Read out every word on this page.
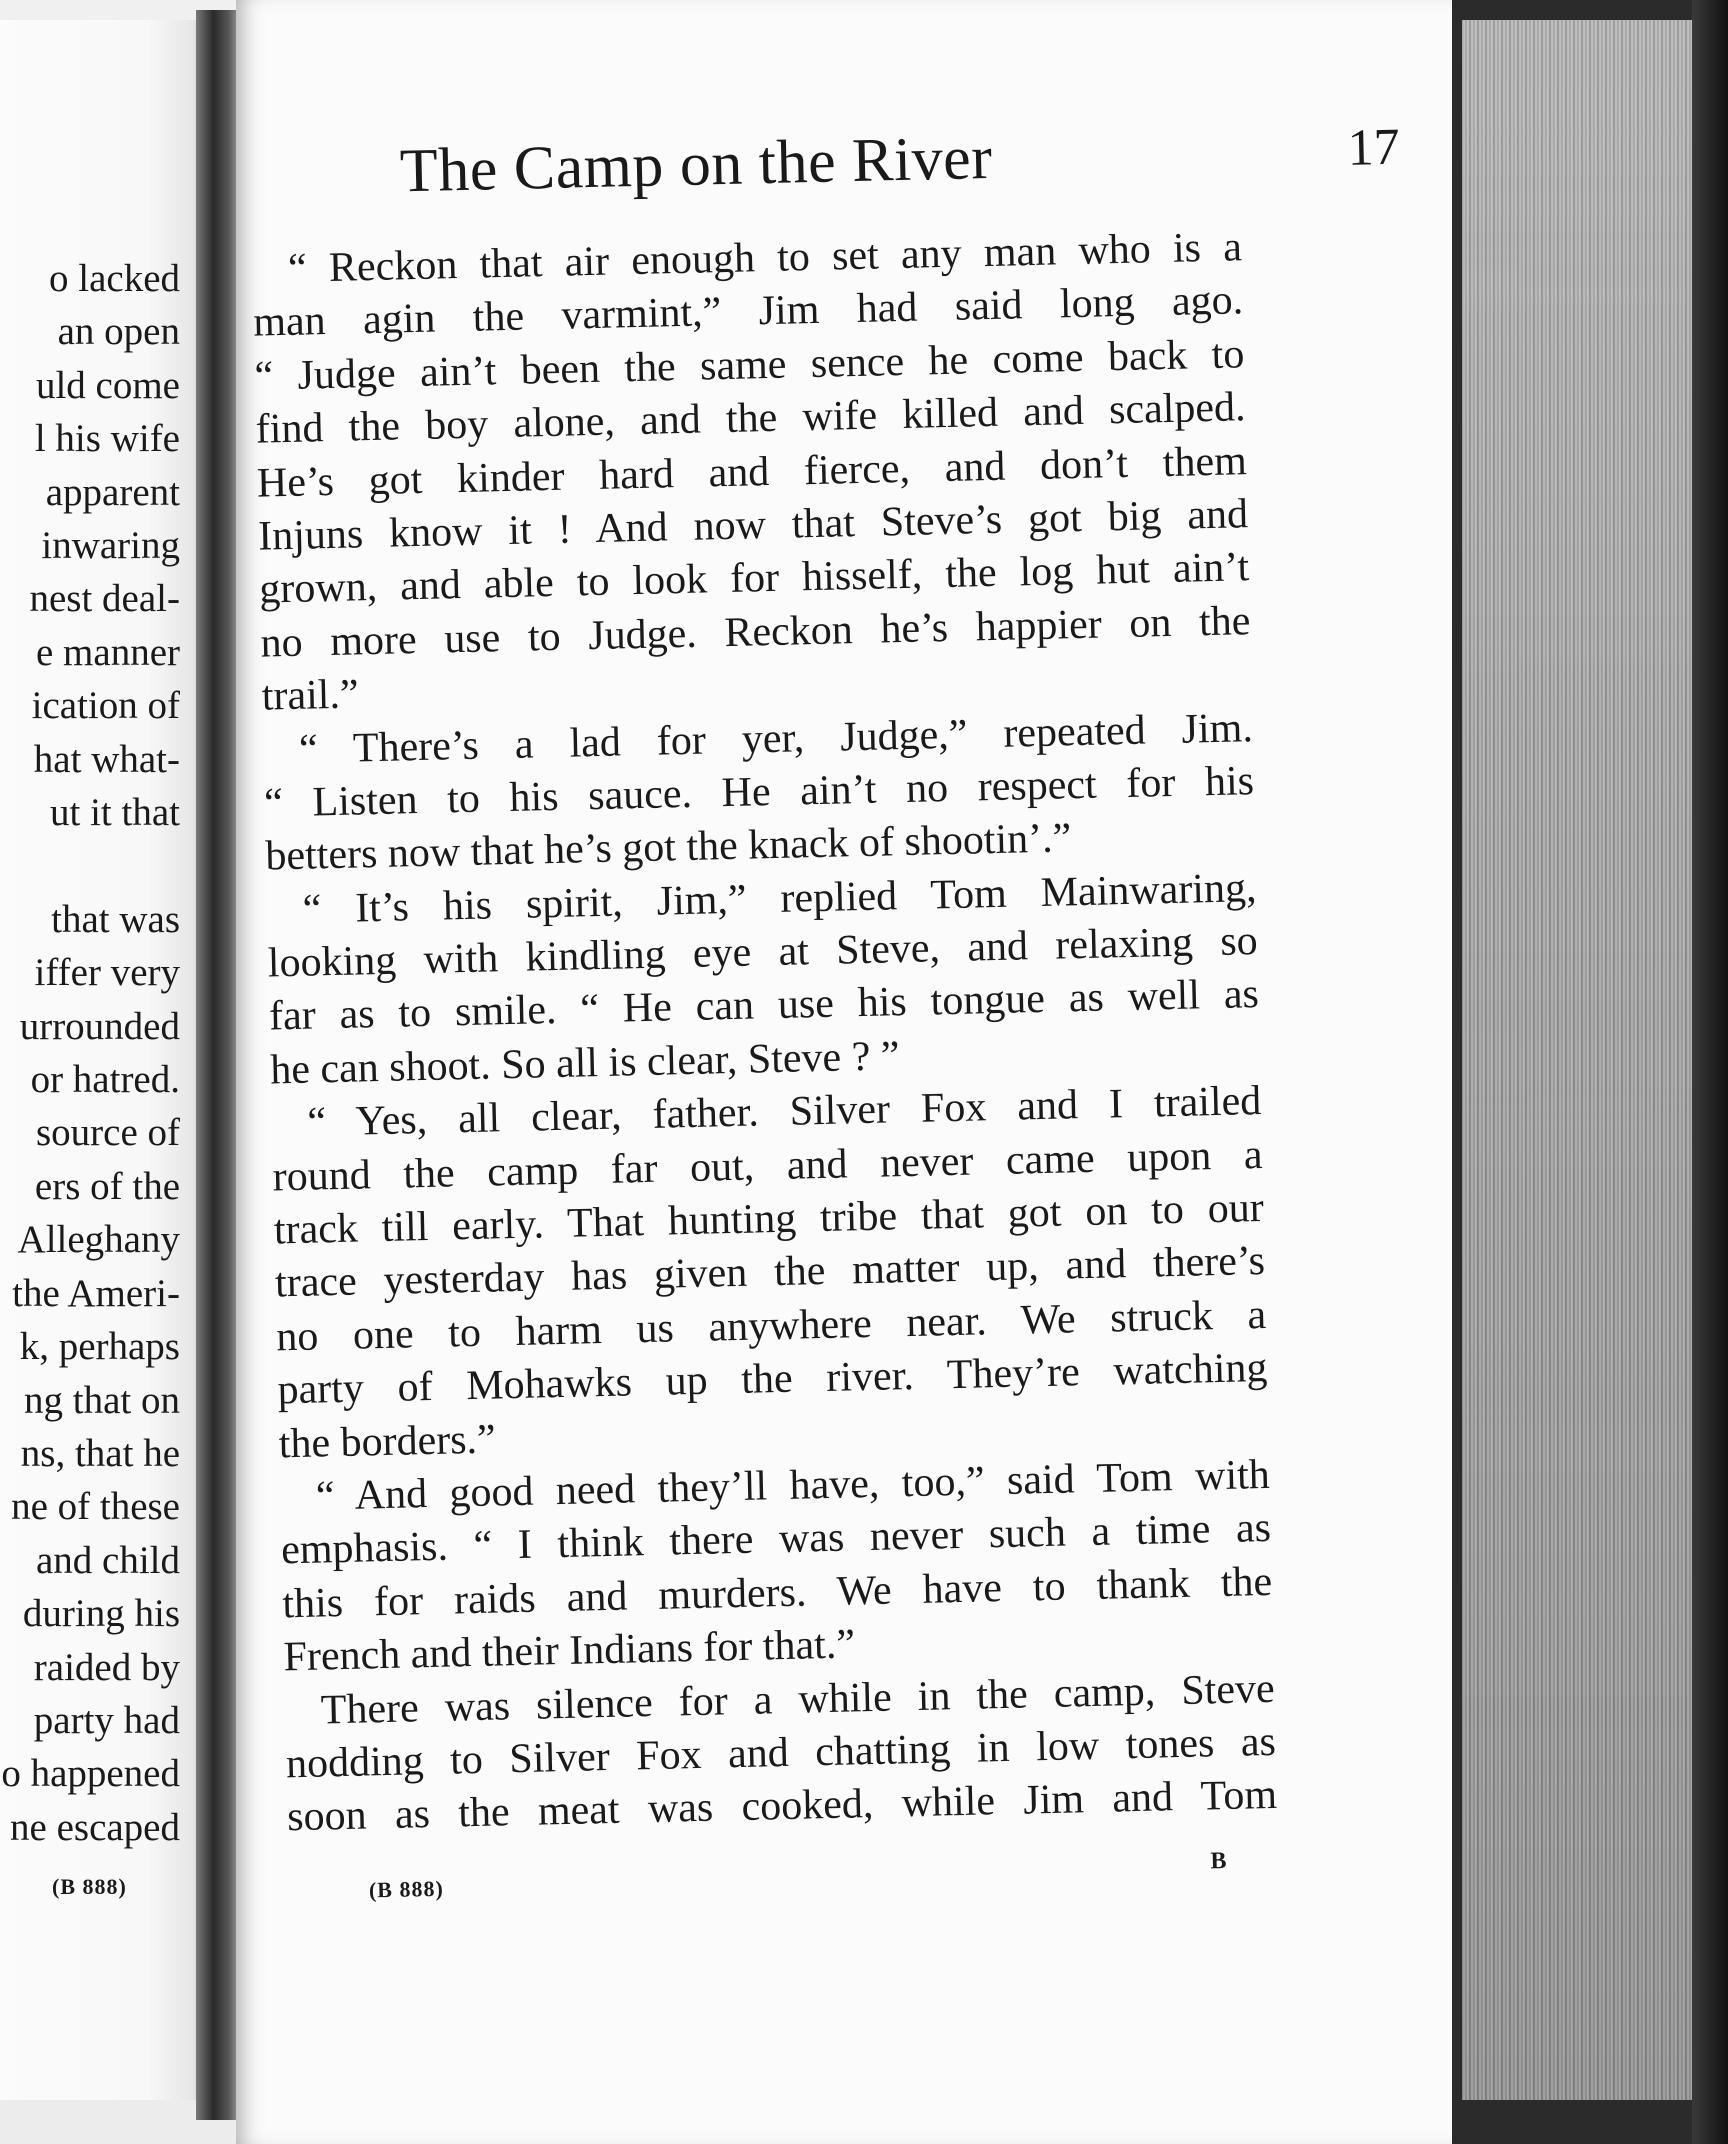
o lacked
an open
uld come
l his wife
apparent
inwaring
nest deal-
e manner
ication of
hat what-
ut it that
that was
iffer very
urrounded
or hatred.
source of
ers of the
Alleghany
the Ameri-
k, perhaps
ng that on
ns, that he
ne of these
and child
during his
raided by
party had
o happened
ne escaped
(B 888)
The Camp on the River	17
“ Reckon that air enough to set any man who is a
man agin the varmint,” Jim had said long ago.
“ Judge ain’t been the same sence he come back to
find the boy alone, and the wife killed and scalped.
He’s got kinder hard and fierce, and don’t them
Injuns know it ! And now that Steve’s got big and
grown, and able to look for hisself, the log hut ain’t
no more use to Judge. Reckon he’s happier on the
trail.”
“ There’s a lad for yer, Judge,” repeated Jim.
“ Listen to his sauce. He ain’t no respect for his
betters now that he’s got the knack of shootin’.”
“ It’s his spirit, Jim,” replied Tom Mainwaring,
looking with kindling eye at Steve, and relaxing so
far as to smile. “ He can use his tongue as well as
he can shoot. So all is clear, Steve ? ”
“ Yes, all clear, father. Silver Fox and I trailed
round the camp far out, and never came upon a
track till early. That hunting tribe that got on to our
trace yesterday has given the matter up, and there’s
no one to harm us anywhere near. We struck a
party of Mohawks up the river. They’re watching
the borders.”
“ And good need they’ll have, too,” said Tom with
emphasis. “ I think there was never such a time as
this for raids and murders. We have to thank the
French and their Indians for that.”
There was silence for a while in the camp, Steve
nodding to Silver Fox and chatting in low tones as
soon as the meat was cooked, while Jim and Tom
(B 888)
B
